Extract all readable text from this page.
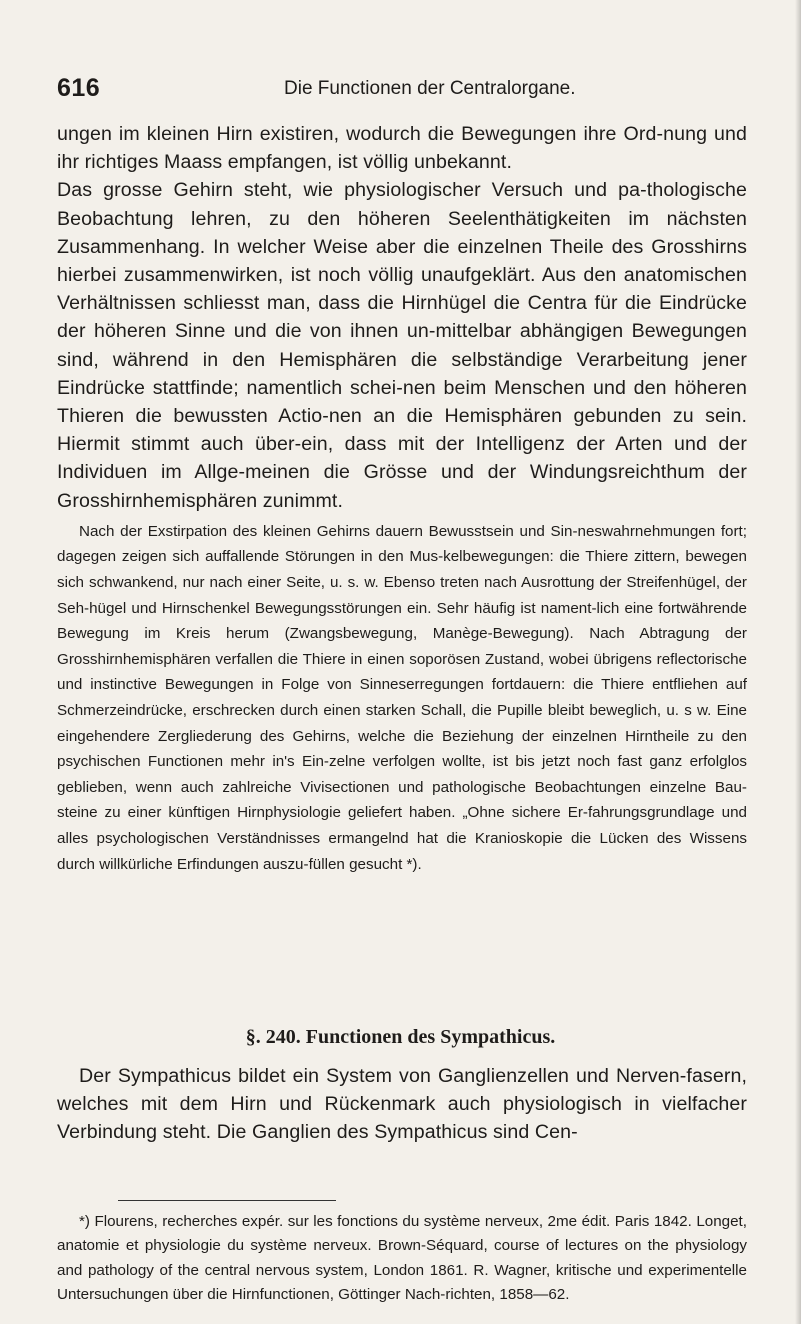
616	Die Functionen der Centralorgane.

ungen im kleinen Hirn existiren, wodurch die Bewegungen ihre Ord-nung und ihr richtiges Maass empfangen, ist völlig unbekannt.

Das grosse Gehirn steht, wie physiologischer Versuch und pa-thologische Beobachtung lehren, zu den höheren Seelenthätigkeiten im nächsten Zusammenhang. In welcher Weise aber die einzelnen Theile des Grosshirns hierbei zusammenwirken, ist noch völlig unaufgeklärt. Aus den anatomischen Verhältnissen schliesst man, dass die Hirnhügel die Centra für die Eindrücke der höheren Sinne und die von ihnen un-mittelbar abhängigen Bewegungen sind, während in den Hemisphären die selbständige Verarbeitung jener Eindrücke stattfinde; namentlich schei-nen beim Menschen und den höheren Thieren die bewussten Actio-nen an die Hemisphären gebunden zu sein. Hiermit stimmt auch über-ein, dass mit der Intelligenz der Arten und der Individuen im Allge-meinen die Grösse und der Windungsreichthum der Grosshirnhemisphären zunimmt.

Nach der Exstirpation des kleinen Gehirns dauern Bewusstsein und Sin-neswahrnehmungen fort; dagegen zeigen sich auffallende Störungen in den Mus-kelbewegungen: die Thiere zittern, bewegen sich schwankend, nur nach einer Seite, u. s. w. Ebenso treten nach Ausrottung der Streifenhügel, der Seh-hügel und Hirnschenkel Bewegungsstörungen ein. Sehr häufig ist nament-lich eine fortwährende Bewegung im Kreis herum (Zwangsbewegung, Manège-Bewegung). Nach Abtragung der Grosshirnhemisphären verfallen die Thiere in einen soporösen Zustand, wobei übrigens reflectorische und instinctive Bewegungen in Folge von Sinneserregungen fortdauern: die Thiere entfliehen auf Schmerzeindrücke, erschrecken durch einen starken Schall, die Pupille bleibt beweglich, u. s w. Eine eingehendere Zergliederung des Gehirns, welche die Beziehung der einzelnen Hirntheile zu den psychischen Functionen mehr in's Ein-zelne verfolgen wollte, ist bis jetzt noch fast ganz erfolglos geblieben, wenn auch zahlreiche Vivisectionen und pathologische Beobachtungen einzelne Bau-steine zu einer künftigen Hirnphysiologie geliefert haben. „Ohne sichere Er-fahrungsgrundlage und alles psychologischen Verständnisses ermangelnd hat die Kranioskopie die Lücken des Wissens durch willkürliche Erfindungen auszu-füllen gesucht *).

§. 240. Functionen des Sympathicus.

Der Sympathicus bildet ein System von Ganglienzellen und Nerven-fasern, welches mit dem Hirn und Rückenmark auch physiologisch in vielfacher Verbindung steht. Die Ganglien des Sympathicus sind Cen-

*) Flourens, recherches expér. sur les fonctions du système nerveux, 2me édit. Paris 1842. Longet, anatomie et physiologie du système nerveux. Brown-Séquard, course of lectures on the physiology and pathology of the central nervous system, London 1861. R. Wagner, kritische und experimentelle Untersuchungen über die Hirnfunctionen, Göttinger Nach-richten, 1858—62.
